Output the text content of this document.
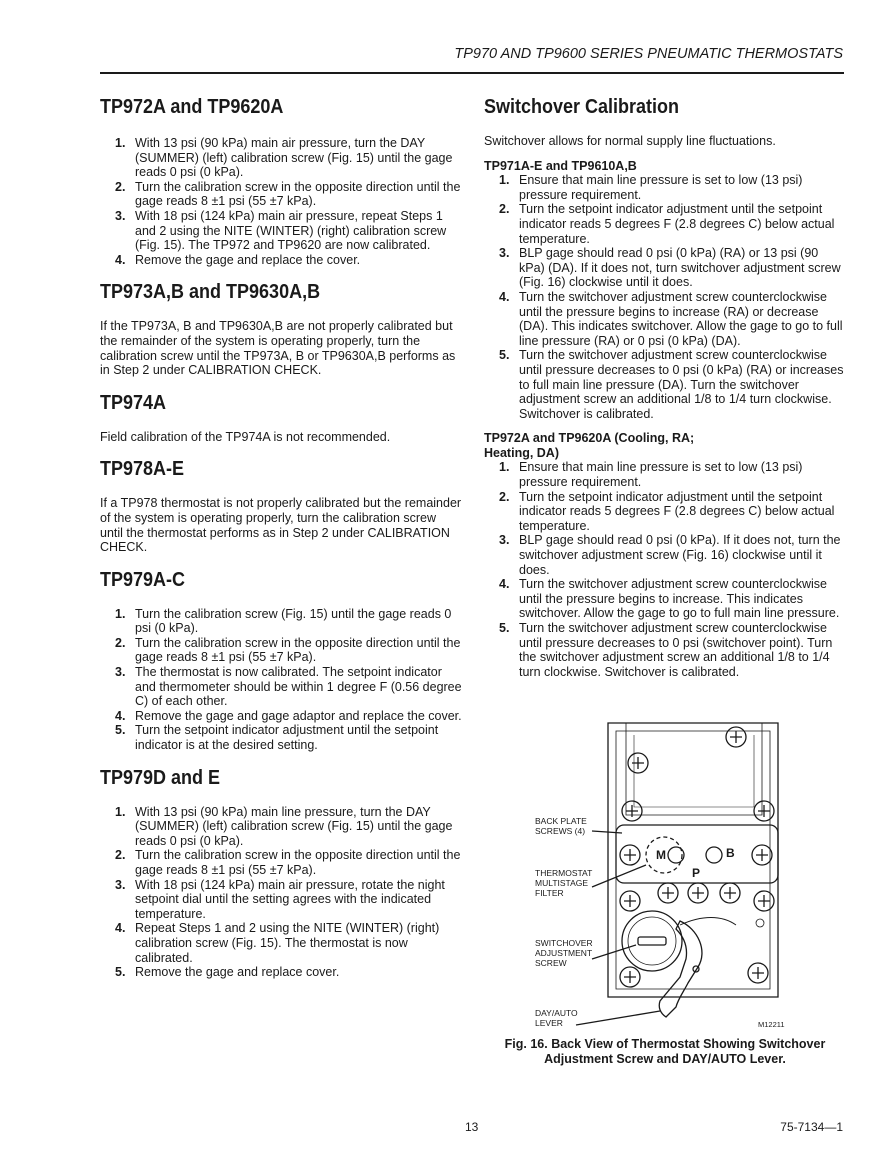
TP970 AND TP9600 SERIES PNEUMATIC THERMOSTATS
TP972A and TP9620A
1. With 13 psi (90 kPa) main air pressure, turn the DAY (SUMMER) (left) calibration screw (Fig. 15) until the gage reads 0 psi (0 kPa).
2. Turn the calibration screw in the opposite direction until the gage reads 8 ±1 psi (55 ±7 kPa).
3. With 18 psi (124 kPa) main air pressure, repeat Steps 1 and 2 using the NITE (WINTER) (right) calibration screw (Fig. 15). The TP972 and TP9620 are now calibrated.
4. Remove the gage and replace the cover.
TP973A,B and TP9630A,B

If the TP973A, B and TP9630A,B are not properly calibrated but the remainder of the system is operating properly, turn the calibration screw until the TP973A, B or TP9630A,B performs as in Step 2 under CALIBRATION CHECK.

TP974A

Field calibration of the TP974A is not recommended.

TP978A-E

If a TP978 thermostat is not properly calibrated but the remainder of the system is operating properly, turn the calibration screw until the thermostat performs as in Step 2 under CALIBRATION CHECK.

TP979A-C
1. Turn the calibration screw (Fig. 15) until the gage reads 0 psi (0 kPa).
2. Turn the calibration screw in the opposite direction until the gage reads 8 ±1 psi (55 ±7 kPa).
3. The thermostat is now calibrated. The setpoint indicator and thermometer should be within 1 degree F (0.56 degree C) of each other.
4. Remove the gage and gage adaptor and replace the cover.
5. Turn the setpoint indicator adjustment until the setpoint indicator is at the desired setting.
TP979D and E
1. With 13 psi (90 kPa) main line pressure, turn the DAY (SUMMER) (left) calibration screw (Fig. 15) until the gage reads 0 psi (0 kPa).
2. Turn the calibration screw in the opposite direction until the gage reads 8 ±1 psi (55 ±7 kPa).
3. With 18 psi (124 kPa) main air pressure, rotate the night setpoint dial until the setting agrees with the indicated temperature.
4. Repeat Steps 1 and 2 using the NITE (WINTER) (right) calibration screw (Fig. 15). The thermostat is now calibrated.
5. Remove the gage and replace cover.
Switchover Calibration

Switchover allows for normal supply line fluctuations.

TP971A-E and TP9610A,B

1. Ensure that main line pressure is set to low (13 psi) pressure requirement.
2. Turn the setpoint indicator adjustment until the setpoint indicator reads 5 degrees F (2.8 degrees C) below actual temperature.
3. BLP gage should read 0 psi (0 kPa) (RA) or 13 psi (90 kPa) (DA). If it does not, turn switchover adjustment screw (Fig. 16) clockwise until it does.
4. Turn the switchover adjustment screw counterclockwise until the pressure begins to increase (RA) or decrease (DA). This indicates switchover. Allow the gage to go to full line pressure (RA) or 0 psi (0 kPa) (DA).
5. Turn the switchover adjustment screw counterclockwise until pressure decreases to 0 psi (0 kPa) (RA) or increases to full main line pressure (DA). Turn the switchover adjustment screw an additional 1/8 to 1/4 turn clockwise. Switchover is calibrated.

TP972A and TP9620A (Cooling, RA;

Heating, DA)

1. Ensure that main line pressure is set to low (13 psi) pressure requirement.
2. Turn the setpoint indicator adjustment until the setpoint indicator reads 5 degrees F (2.8 degrees C) below actual temperature.
3. BLP gage should read 0 psi (0 kPa). If it does not, turn the switchover adjustment screw (Fig. 16) clockwise until it does.
4. Turn the switchover adjustment screw counterclockwise until the pressure begins to increase. This indicates switchover. Allow the gage to go to full main line pressure.
5. Turn the switchover adjustment screw counterclockwise until pressure decreases to 0 psi (switchover point). Turn the switchover adjustment screw an additional 1/8 to 1/4 turn clockwise. Switchover is calibrated.
BACK PLATE
SCREWS (4)
THERMOSTAT
MULTISTAGE
FILTER
SWITCHOVER
ADJUSTMENT
SCREW
DAY/AUTO
LEVER
M	B
P
M12211
Fig. 16. Back View of Thermostat Showing Switchover
Adjustment Screw and DAY/AUTO Lever.
13	75-7134—1
